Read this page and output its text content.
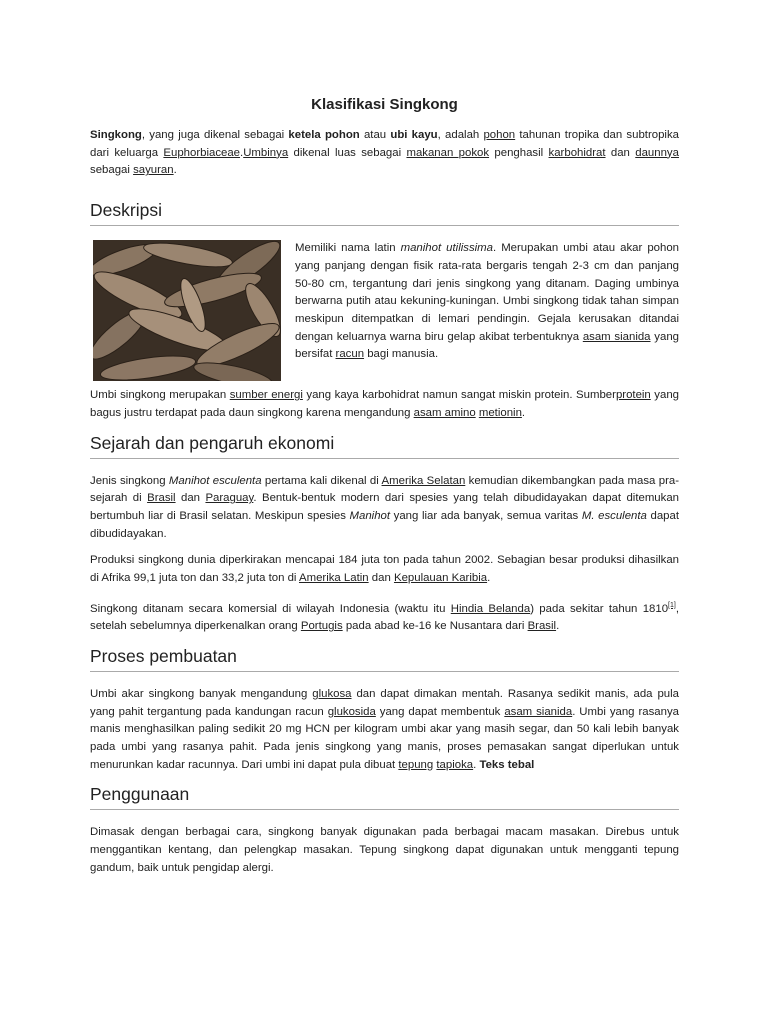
Klasifikasi Singkong

Singkong, yang juga dikenal sebagai ketela pohon atau ubi kayu, adalah pohon tahunan tropika dan subtropika dari keluarga Euphorbiaceae.Umbinya dikenal luas sebagai makanan pokok penghasil karbohidrat dan daunnya sebagai sayuran.

Deskripsi

Memiliki nama latin manihot utilissima. Merupakan umbi atau akar pohon yang panjang dengan fisik rata-rata bergaris tengah 2-3 cm dan panjang 50-80 cm, tergantung dari jenis singkong yang ditanam. Daging umbinya berwarna putih atau kekuning-kuningan. Umbi singkong tidak tahan simpan meskipun ditempatkan di lemari pendingin. Gejala kerusakan ditandai dengan keluarnya warna biru gelap akibat terbentuknya asam sianida yang bersifat racun bagi manusia.

Umbi singkong merupakan sumber energi yang kaya karbohidrat namun sangat miskin protein. Sumberprotein yang bagus justru terdapat pada daun singkong karena mengandung asam amino metionin.

Sejarah dan pengaruh ekonomi

Jenis singkong Manihot esculenta pertama kali dikenal di Amerika Selatan kemudian dikembangkan pada masa pra-sejarah di Brasil dan Paraguay. Bentuk-bentuk modern dari spesies yang telah dibudidayakan dapat ditemukan bertumbuh liar di Brasil selatan. Meskipun spesies Manihot yang liar ada banyak, semua varitas M. esculenta dapat dibudidayakan.

Produksi singkong dunia diperkirakan mencapai 184 juta ton pada tahun 2002. Sebagian besar produksi dihasilkan di Afrika 99,1 juta ton dan 33,2 juta ton di Amerika Latin dan Kepulauan Karibia.

Singkong ditanam secara komersial di wilayah Indonesia (waktu itu Hindia Belanda) pada sekitar tahun 1810[1], setelah sebelumnya diperkenalkan orang Portugis pada abad ke-16 ke Nusantara dari Brasil.

Proses pembuatan

Umbi akar singkong banyak mengandung glukosa dan dapat dimakan mentah. Rasanya sedikit manis, ada pula yang pahit tergantung pada kandungan racun glukosida yang dapat membentuk asam sianida. Umbi yang rasanya manis menghasilkan paling sedikit 20 mg HCN per kilogram umbi akar yang masih segar, dan 50 kali lebih banyak pada umbi yang rasanya pahit. Pada jenis singkong yang manis, proses pemasakan sangat diperlukan untuk menurunkan kadar racunnya. Dari umbi ini dapat pula dibuat tepung tapioka. Teks tebal

Penggunaan

Dimasak dengan berbagai cara, singkong banyak digunakan pada berbagai macam masakan. Direbus untuk menggantikan kentang, dan pelengkap masakan. Tepung singkong dapat digunakan untuk mengganti tepung gandum, baik untuk pengidap alergi.
